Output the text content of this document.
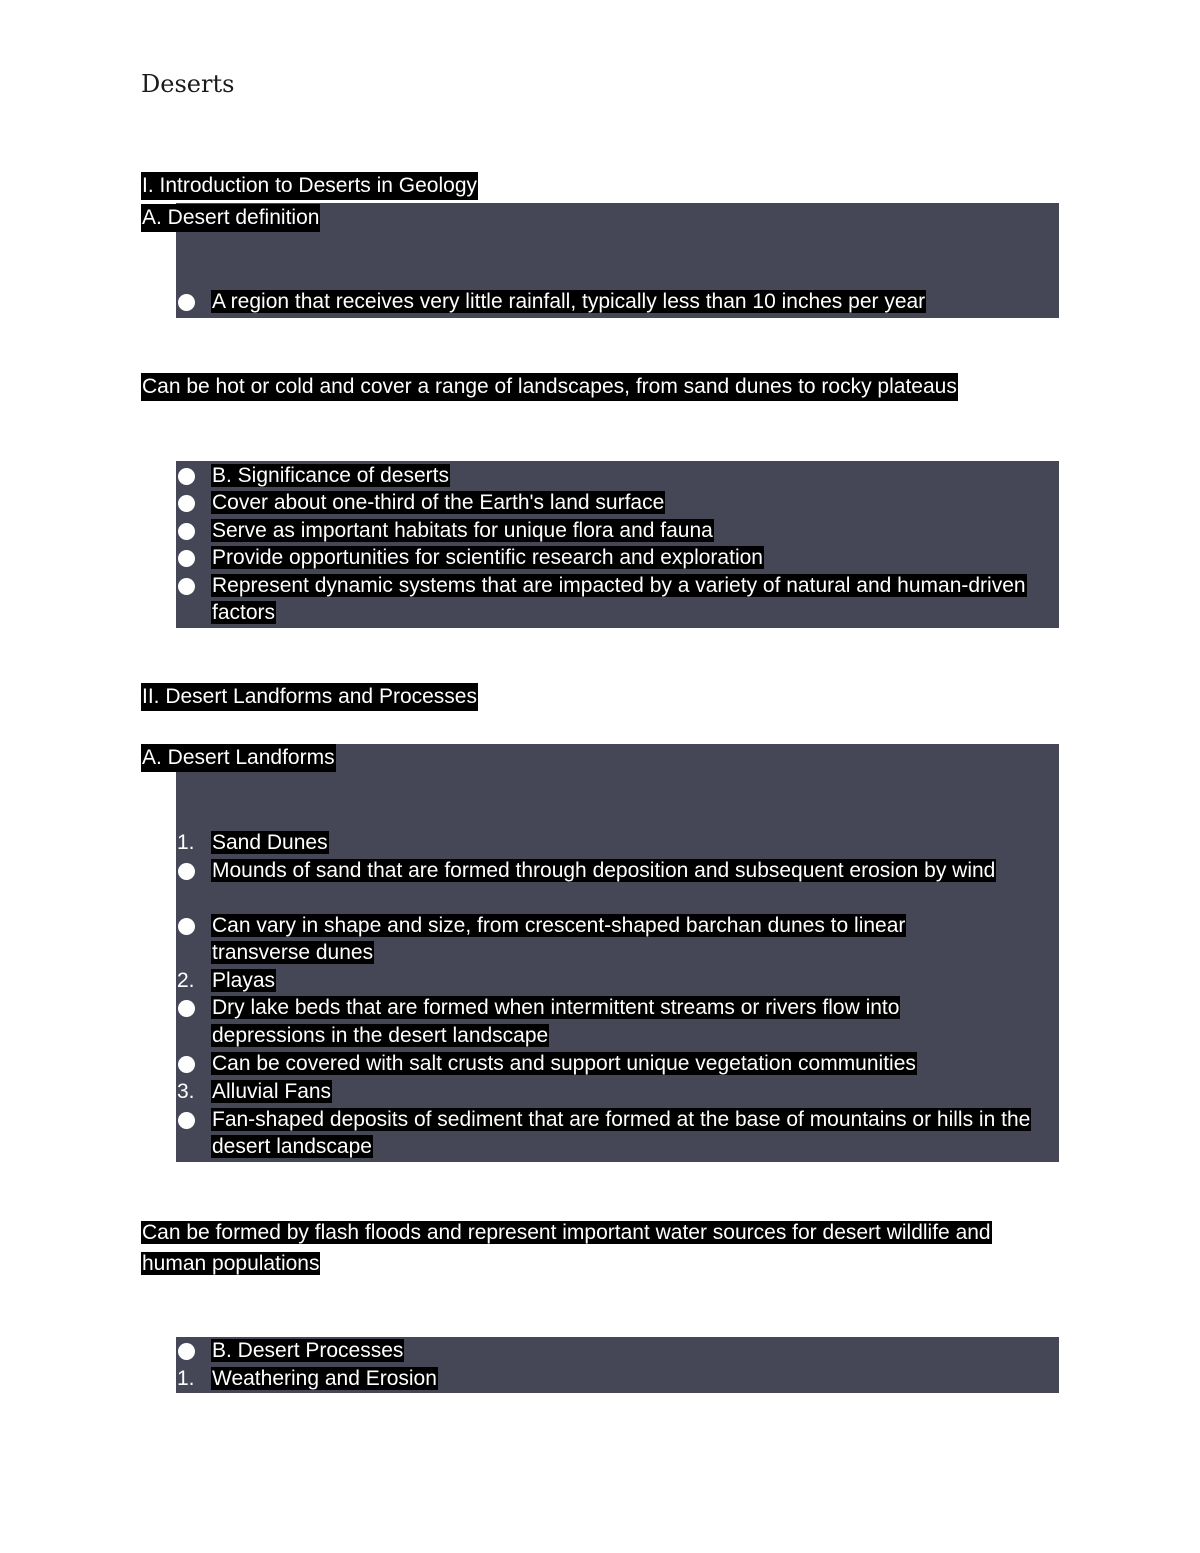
Deserts
I. Introduction to Deserts in Geology
A. Desert definition
A region that receives very little rainfall, typically less than 10 inches per year
Can be hot or cold and cover a range of landscapes, from sand dunes to rocky plateaus
B. Significance of deserts
Cover about one-third of the Earth's land surface
Serve as important habitats for unique flora and fauna
Provide opportunities for scientific research and exploration
Represent dynamic systems that are impacted by a variety of natural and human-driven factors
II. Desert Landforms and Processes
A. Desert Landforms
1. Sand Dunes
Mounds of sand that are formed through deposition and subsequent erosion by wind
Can vary in shape and size, from crescent-shaped barchan dunes to linear transverse dunes
2. Playas
Dry lake beds that are formed when intermittent streams or rivers flow into depressions in the desert landscape
Can be covered with salt crusts and support unique vegetation communities
3. Alluvial Fans
Fan-shaped deposits of sediment that are formed at the base of mountains or hills in the desert landscape
Can be formed by flash floods and represent important water sources for desert wildlife and human populations
B. Desert Processes
1. Weathering and Erosion
